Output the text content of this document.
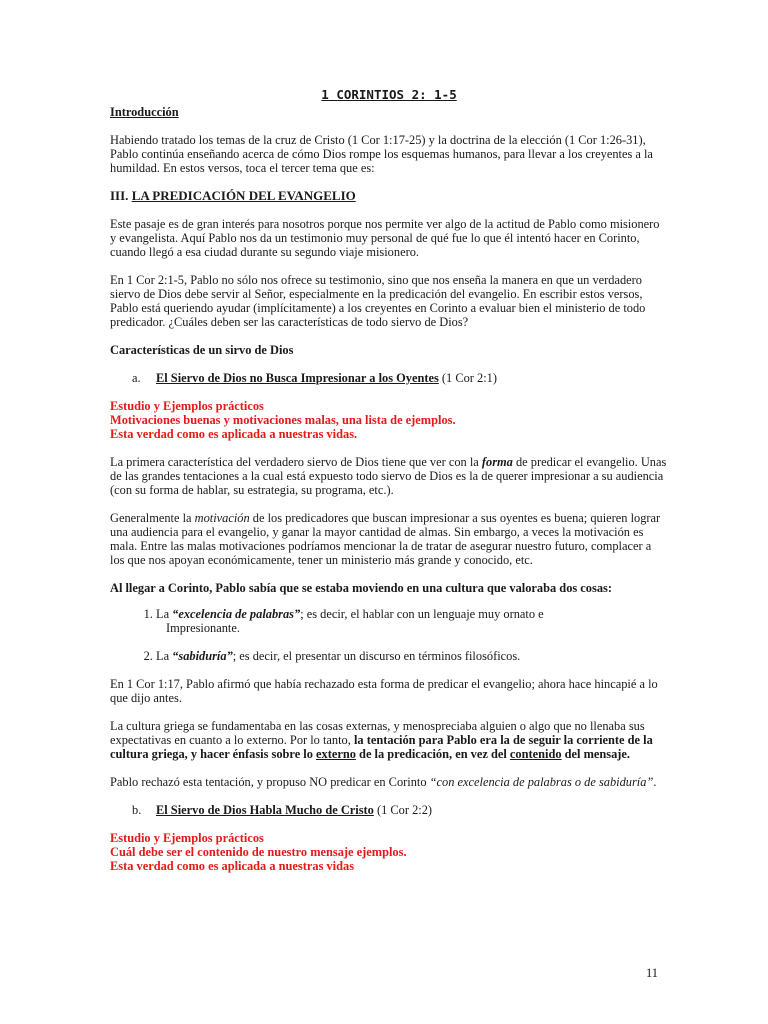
1 CORINTIOS 2: 1-5
Introducción

Habiendo tratado los temas de la cruz de Cristo (1 Cor 1:17-25) y la doctrina de la elección (1 Cor 1:26-31), Pablo continúa enseñando acerca de cómo Dios rompe los esquemas humanos, para llevar a los creyentes a la humildad. En estos versos, toca el tercer tema que es:

III. LA PREDICACIÓN DEL EVANGELIO

Este pasaje es de gran interés para nosotros porque nos permite ver algo de la actitud de Pablo como misionero y evangelista. Aquí Pablo nos da un testimonio muy personal de qué fue lo que él intentó hacer en Corinto, cuando llegó a esa ciudad durante su segundo viaje misionero.

En 1 Cor 2:1-5, Pablo no sólo nos ofrece su testimonio, sino que nos enseña la manera en que un verdadero siervo de Dios debe servir al Señor, especialmente en la predicación del evangelio. En escribir estos versos, Pablo está queriendo ayudar (implícitamente) a los creyentes en Corinto a evaluar bien el ministerio de todo predicador. ¿Cuáles deben ser las características de todo siervo de Dios?

Características de un sirvo de Dios
a. El Siervo de Dios no Busca Impresionar a los Oyentes (1 Cor 2:1)
Estudio y Ejemplos prácticos
Motivaciones buenas y motivaciones malas, una lista de ejemplos.
Esta verdad como es aplicada a nuestras vidas.

La primera característica del verdadero siervo de Dios tiene que ver con la forma de predicar el evangelio. Unas de las grandes tentaciones a la cual está expuesto todo siervo de Dios es la de querer impresionar a su audiencia (con su forma de hablar, su estrategia, su programa, etc.).

Generalmente la motivación de los predicadores que buscan impresionar a sus oyentes es buena; quieren lograr una audiencia para el evangelio, y ganar la mayor cantidad de almas. Sin embargo, a veces la motivación es mala. Entre las malas motivaciones podríamos mencionar la de tratar de asegurar nuestro futuro, complacer a los que nos apoyan económicamente, tener un ministerio más grande y conocido, etc.

Al llegar a Corinto, Pablo sabía que se estaba moviendo en una cultura que valoraba dos cosas:
1. La “excelencia de palabras”; es decir, el hablar con un lenguaje muy ornato e
Impresionante.
2. La “sabiduría”; es decir, el presentar un discurso en términos filosóficos.

En 1 Cor 1:17, Pablo afirmó que había rechazado esta forma de predicar el evangelio; ahora hace hincapié a lo que dijo antes.

La cultura griega se fundamentaba en las cosas externas, y menospreciaba alguien o algo que no llenaba sus expectativas en cuanto a lo externo. Por lo tanto, la tentación para Pablo era la de seguir la corriente de la cultura griega, y hacer énfasis sobre lo externo de la predicación, en vez del contenido del mensaje.

Pablo rechazó esta tentación, y propuso NO predicar en Corinto “con excelencia de palabras o de sabiduría”.

b. El Siervo de Dios Habla Mucho de Cristo (1 Cor 2:2)
Estudio y Ejemplos prácticos
Cuál debe ser el contenido de nuestro mensaje ejemplos.
Esta verdad como es aplicada a nuestras vidas
11
